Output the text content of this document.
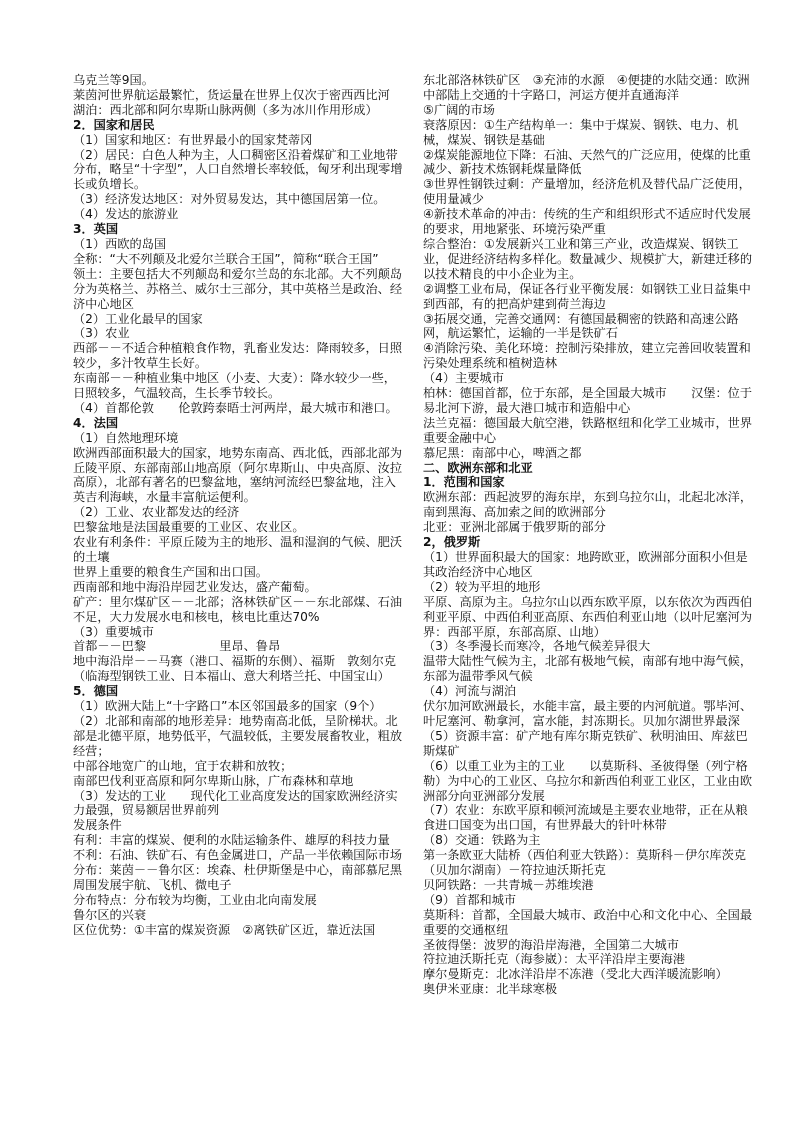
乌克兰等9国。
莱茵河世界航运最繁忙，货运量在世界上仅次于密西西比河
湖泊：西北部和阿尔卑斯山脉两侧（多为冰川作用形成）
2．国家和居民
（1）国家和地区：有世界最小的国家梵蒂冈
（2）居民：白色人种为主，人口稠密区沿着煤矿和工业地带分布，略呈“十字型”，人口自然增长率较低，匈牙利出现零增长或负增长。
（3）经济发达地区：对外贸易发达，其中德国居第一位。
（4）发达的旅游业
3．英国
（1）西欧的岛国
全称：“大不列颠及北爱尔兰联合王国”，简称“联合王国”
领土：主要包括大不列颠岛和爱尔兰岛的东北部。大不列颠岛分为英格兰、苏格兰、威尔士三部分，其中英格兰是政治、经济中心地区
（2）工业化最早的国家
（3）农业
西部－－不适合种植粮食作物，乳畜业发达：降雨较多，日照较少，多汁牧草生长好。
东南部－－种植业集中地区（小麦、大麦）：降水较少一些，日照较多，气温较高，生长季节较长。
（4）首都伦敦　　伦敦跨泰晤士河两岸，最大城市和港口。
4．法国
（1）自然地理环境
欧洲西部面积最大的国家，地势东南高、西北低，西部北部为丘陵平原、东部南部山地高原（阿尔卑斯山、中央高原、汝拉高原），北部有著名的巴黎盆地，塞纳河流经巴黎盆地，注入英吉利海峡，水量丰富航运便利。
（2）工业、农业都发达的经济
巴黎盆地是法国最重要的工业区、农业区。
农业有利条件：平原丘陵为主的地形、温和湿润的气候、肥沃的土壤
世界上重要的粮食生产国和出口国。
西南部和地中海沿岸园艺业发达，盛产葡萄。
矿产：里尔煤矿区－－北部；洛林铁矿区－－东北部煤、石油不足，大力发展水电和核电，核电比重达70%
（3）重要城市
首都－－巴黎　　　　　　里昂、鲁昂
地中海沿岸－－马赛（港口、福斯的东侧）、福斯　敦刻尔克（临海型钢铁工业、日本福山、意大利塔兰托、中国宝山）
5．德国
（1）欧洲大陆上“十字路口”本区邻国最多的国家（9个）
（2）北部和南部的地形差异：地势南高北低，呈阶梯状。北部是北德平原，地势低平，气温较低，主要发展畜牧业，粗放经营；
中部谷地宽广的山地，宜于农耕和放牧；
南部巴伐利亚高原和阿尔卑斯山脉，广布森林和草地
（3）发达的工业　　现代化工业高度发达的国家欧洲经济实力最强，贸易额居世界前列
发展条件
有利：丰富的煤炭、便利的水陆运输条件、雄厚的科技力量
不利：石油、铁矿石、有色金属进口，产品一半依赖国际市场
分布：莱茵－－鲁尔区：埃森、杜伊斯堡是中心，南部慕尼黑周围发展宇航、飞机、微电子
分布特点：分布较为均衡，工业由北向南发展
鲁尔区的兴衰
区位优势：①丰富的煤炭资源　②离铁矿区近，靠近法国
东北部洛林铁矿区　③充沛的水源　④便捷的水陆交通：欧洲中部陆上交通的十字路口，河运方便并直通海洋
⑤广阔的市场
衰落原因：①生产结构单一：集中于煤炭、钢铁、电力、机械，煤炭、钢铁是基础
②煤炭能源地位下降：石油、天然气的广泛应用，使煤的比重减少、新技术炼钢耗煤量降低
③世界性钢铁过剩：产量增加，经济危机及替代品广泛使用，使用量减少
④新技术革命的冲击：传统的生产和组织形式不适应时代发展的要求，用地紧张、环境污染严重
综合整治：①发展新兴工业和第三产业，改造煤炭、钢铁工业，促进经济结构多样化。数量减少、规模扩大，新建迁移的以技术精良的中小企业为主。
②调整工业布局，保证各行业平衡发展：如钢铁工业日益集中到西部，有的把高炉建到荷兰海边
③拓展交通，完善交通网：有德国最稠密的铁路和高速公路网，航运繁忙，运输的一半是铁矿石
④消除污染、美化环境：控制污染排放，建立完善回收装置和污染处理系统和植树造林
（4）主要城市
柏林：德国首都，位于东部，是全国最大城市　　汉堡：位于易北河下游，最大港口城市和造船中心
法兰克福：德国最大航空港，铁路枢纽和化学工业城市，世界重要金融中心
慕尼黑：南部中心，啤酒之都
二、欧洲东部和北亚
1．范围和国家
欧洲东部：西起波罗的海东岸，东到乌拉尔山，北起北冰洋，南到黑海、高加索之间的欧洲部分
北亚：亚洲北部属于俄罗斯的部分
2，俄罗斯
（1）世界面积最大的国家：地跨欧亚，欧洲部分面积小但是其政治经济中心地区
（2）较为平坦的地形
平原、高原为主。乌拉尔山以西东欧平原，以东依次为西西伯利亚平原、中西伯利亚高原、东西伯利亚山地（以叶尼塞河为界：西部平原，东部高原、山地）
（3）冬季漫长而寒冷，各地气候差异很大
温带大陆性气候为主，北部有极地气候，南部有地中海气候，东部为温带季风气候
（4）河流与湖泊
伏尔加河欧洲最长，水能丰富，最主要的内河航道。鄂毕河、叶尼塞河、勒拿河，富水能，封冻期长。贝加尔湖世界最深
（5）资源丰富：矿产地有库尔斯克铁矿、秋明油田、库兹巴斯煤矿
（6）以重工业为主的工业　　以莫斯科、圣彼得堡（列宁格勒）为中心的工业区、乌拉尔和新西伯利亚工业区，工业由欧洲部分向亚洲部分发展
（7）农业：东欧平原和顿河流域是主要农业地带，正在从粮食进口国变为出口国，有世界最大的针叶林带
（8）交通：铁路为主
第一条欧亚大陆桥（西伯利亚大铁路）：莫斯科－伊尔库茨克（贝加尔湖南）－符拉迪沃斯托克
贝阿铁路：一共青城－苏维埃港
（9）首都和城市
莫斯科：首都，全国最大城市、政治中心和文化中心、全国最重要的交通枢纽
圣彼得堡：波罗的海沿岸海港，全国第二大城市
符拉迪沃斯托克（海参崴）：太平洋沿岸主要海港
摩尔曼斯克：北冰洋沿岸不冻港（受北大西洋暖流影响）
奥伊米亚康：北半球寒极
